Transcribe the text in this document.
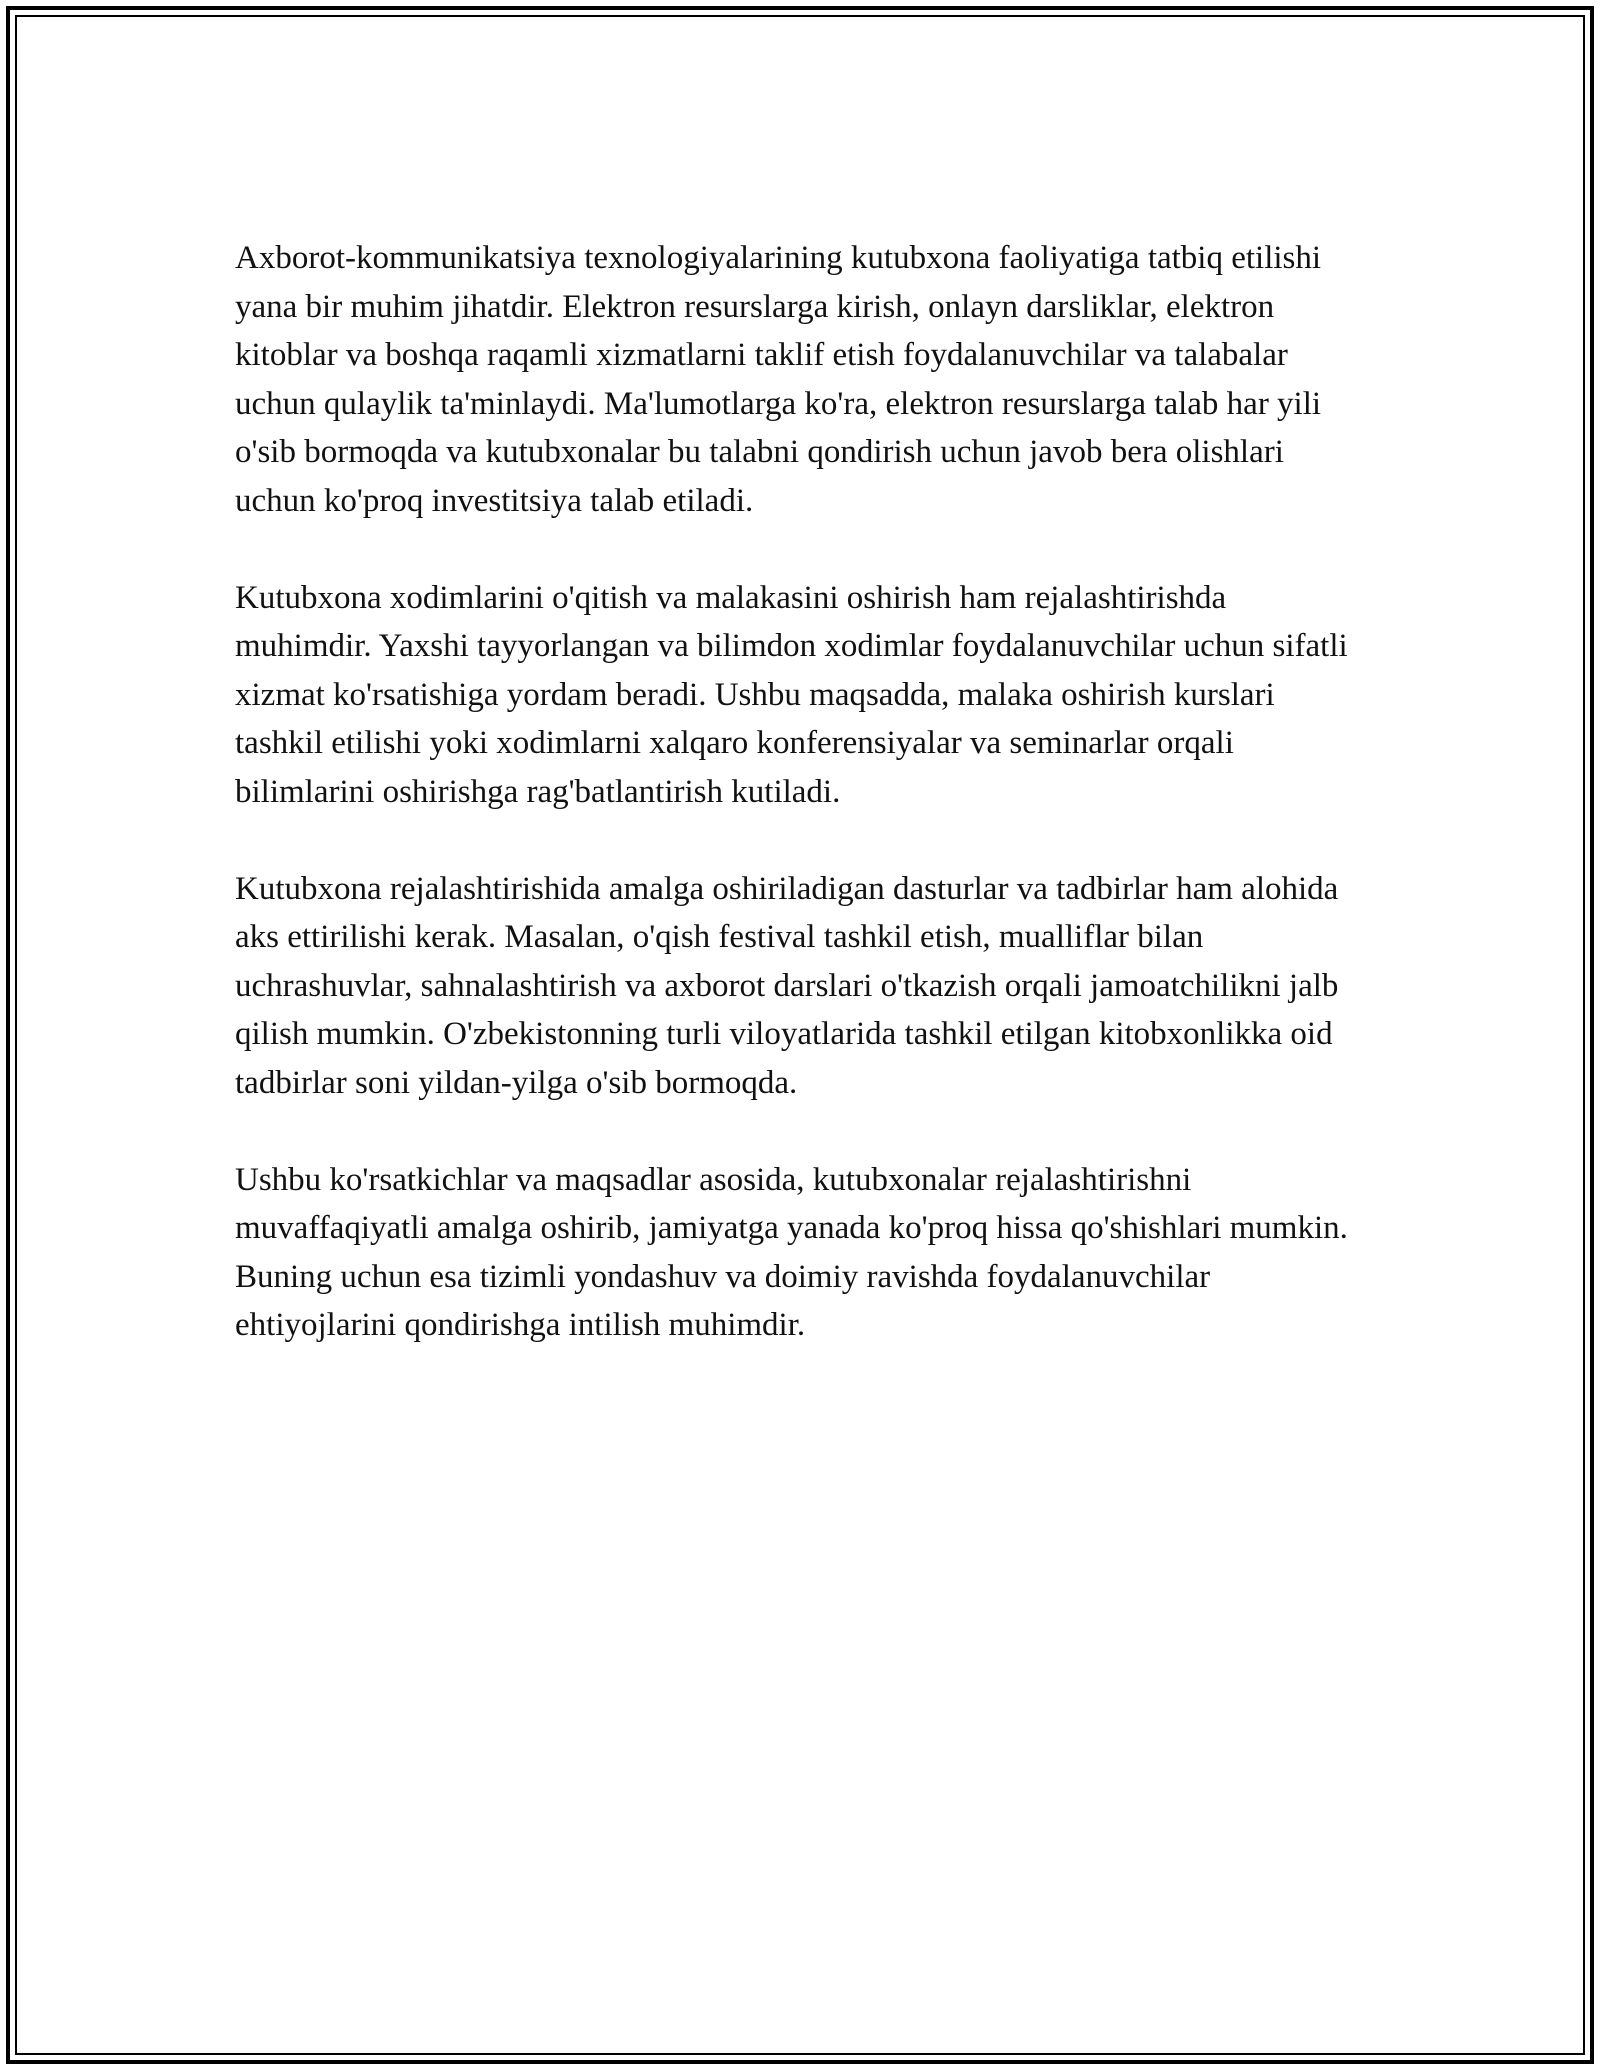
Axborot-kommunikatsiya texnologiyalarining kutubxona faoliyatiga tatbiq etilishi yana bir muhim jihatdir. Elektron resurslarga kirish, onlayn darsliklar, elektron kitoblar va boshqa raqamli xizmatlarni taklif etish foydalanuvchilar va talabalar uchun qulaylik ta'minlaydi. Ma'lumotlarga ko'ra, elektron resurslarga talab har yili o'sib bormoqda va kutubxonalar bu talabni qondirish uchun javob bera olishlari uchun ko'proq investitsiya talab etiladi.

Kutubxona xodimlarini o'qitish va malakasini oshirish ham rejalashtirishda muhimdir. Yaxshi tayyorlangan va bilimdon xodimlar foydalanuvchilar uchun sifatli xizmat ko'rsatishiga yordam beradi. Ushbu maqsadda, malaka oshirish kurslari tashkil etilishi yoki xodimlarni xalqaro konferensiyalar va seminarlar orqali bilimlarini oshirishga rag'batlantirish kutiladi.

Kutubxona rejalashtirishida amalga oshiriladigan dasturlar va tadbirlar ham alohida aks ettirilishi kerak. Masalan, o'qish festival tashkil etish, mualliflar bilan uchrashuvlar, sahnalashtirish va axborot darslari o'tkazish orqali jamoatchilikni jalb qilish mumkin. O'zbekistonning turli viloyatlarida tashkil etilgan kitobxonlikka oid tadbirlar soni yildan-yilga o'sib bormoqda.

Ushbu ko'rsatkichlar va maqsadlar asosida, kutubxonalar rejalashtirishni muvaffaqiyatli amalga oshirib, jamiyatga yanada ko'proq hissa qo'shishlari mumkin. Buning uchun esa tizimli yondashuv va doimiy ravishda foydalanuvchilar ehtiyojlarini qondirishga intilish muhimdir.
